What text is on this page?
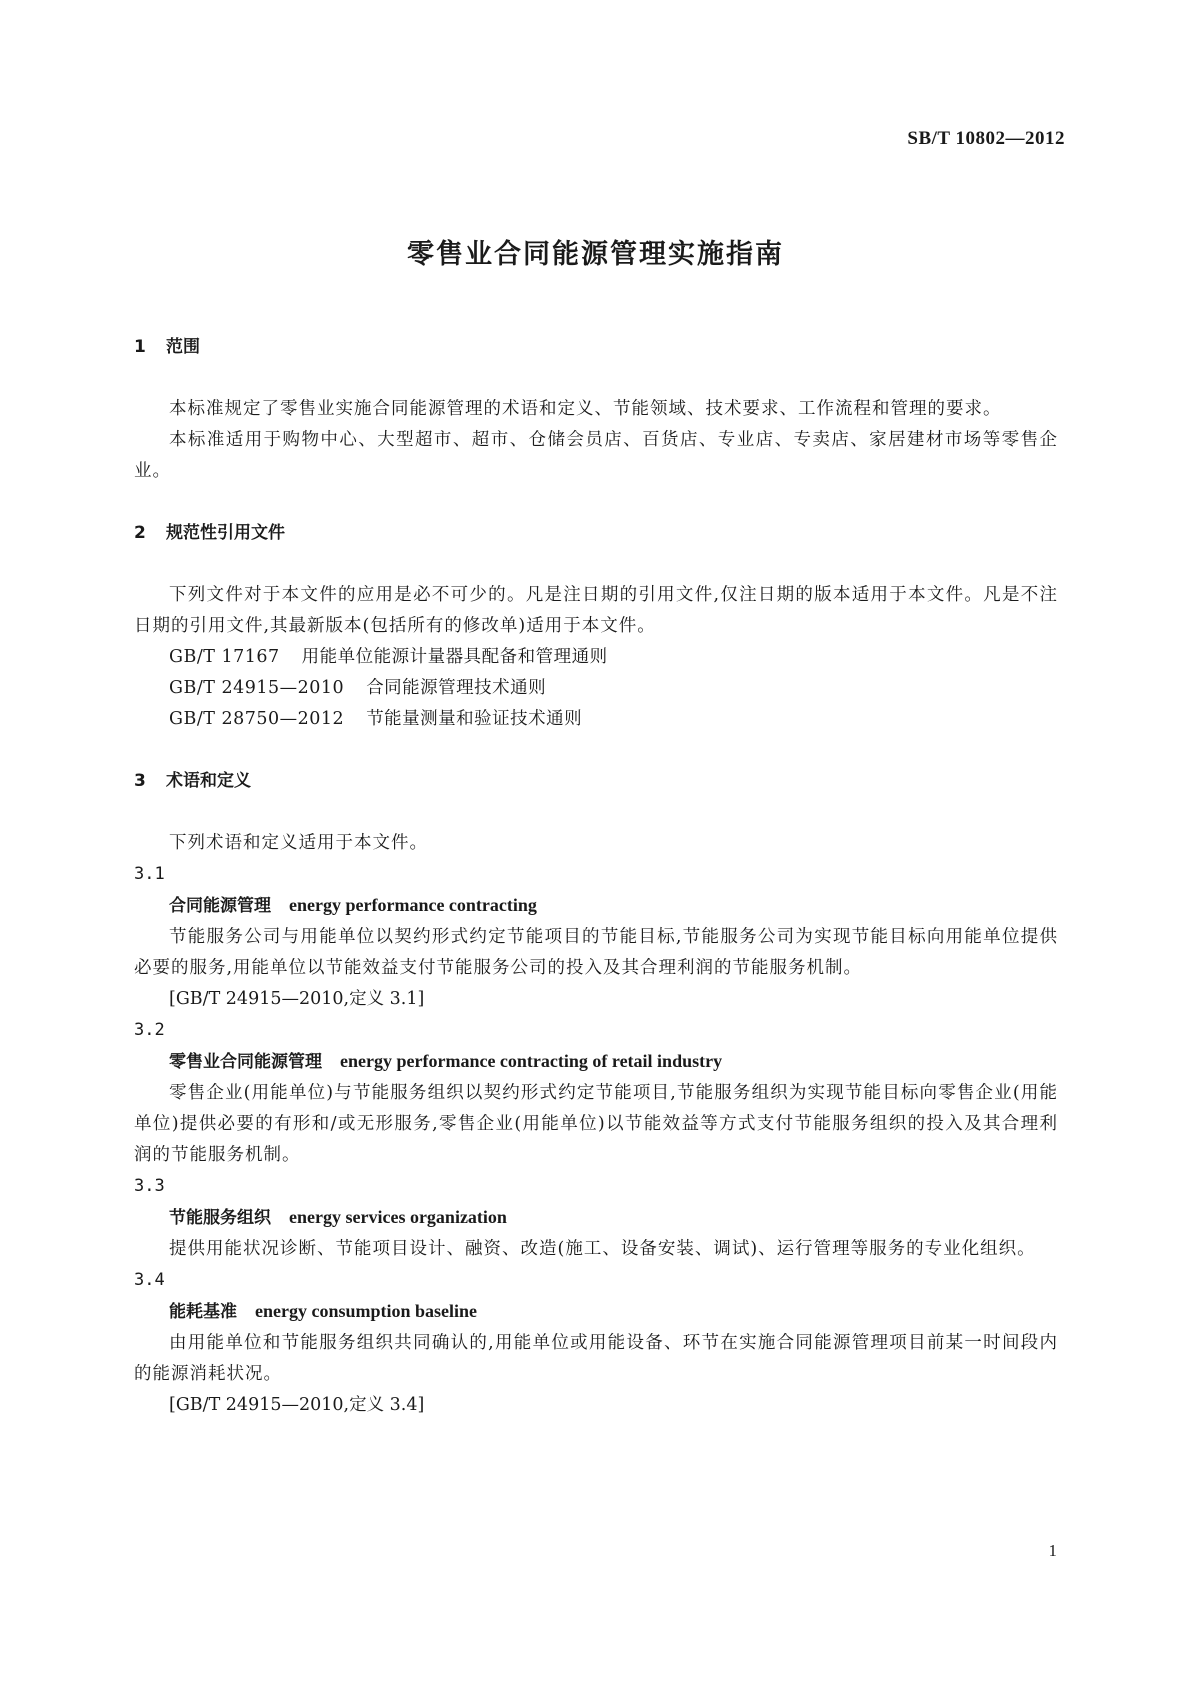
SB/T 10802—2012
零售业合同能源管理实施指南
1 范围
本标准规定了零售业实施合同能源管理的术语和定义、节能领域、技术要求、工作流程和管理的要求。
本标准适用于购物中心、大型超市、超市、仓储会员店、百货店、专业店、专卖店、家居建材市场等零售企业。
2 规范性引用文件
下列文件对于本文件的应用是必不可少的。凡是注日期的引用文件,仅注日期的版本适用于本文件。凡是不注日期的引用文件,其最新版本(包括所有的修改单)适用于本文件。
GB/T 17167 用能单位能源计量器具配备和管理通则
GB/T 24915—2010 合同能源管理技术通则
GB/T 28750—2012 节能量测量和验证技术通则
3 术语和定义
下列术语和定义适用于本文件。
3.1
合同能源管理 energy performance contracting
节能服务公司与用能单位以契约形式约定节能项目的节能目标,节能服务公司为实现节能目标向用能单位提供必要的服务,用能单位以节能效益支付节能服务公司的投入及其合理利润的节能服务机制。
[GB/T 24915—2010,定义 3.1]
3.2
零售业合同能源管理 energy performance contracting of retail industry
零售企业(用能单位)与节能服务组织以契约形式约定节能项目,节能服务组织为实现节能目标向零售企业(用能单位)提供必要的有形和/或无形服务,零售企业(用能单位)以节能效益等方式支付节能服务组织的投入及其合理利润的节能服务机制。
3.3
节能服务组织 energy services organization
提供用能状况诊断、节能项目设计、融资、改造(施工、设备安装、调试)、运行管理等服务的专业化组织。
3.4
能耗基准 energy consumption baseline
由用能单位和节能服务组织共同确认的,用能单位或用能设备、环节在实施合同能源管理项目前某一时间段内的能源消耗状况。
[GB/T 24915—2010,定义 3.4]
1
